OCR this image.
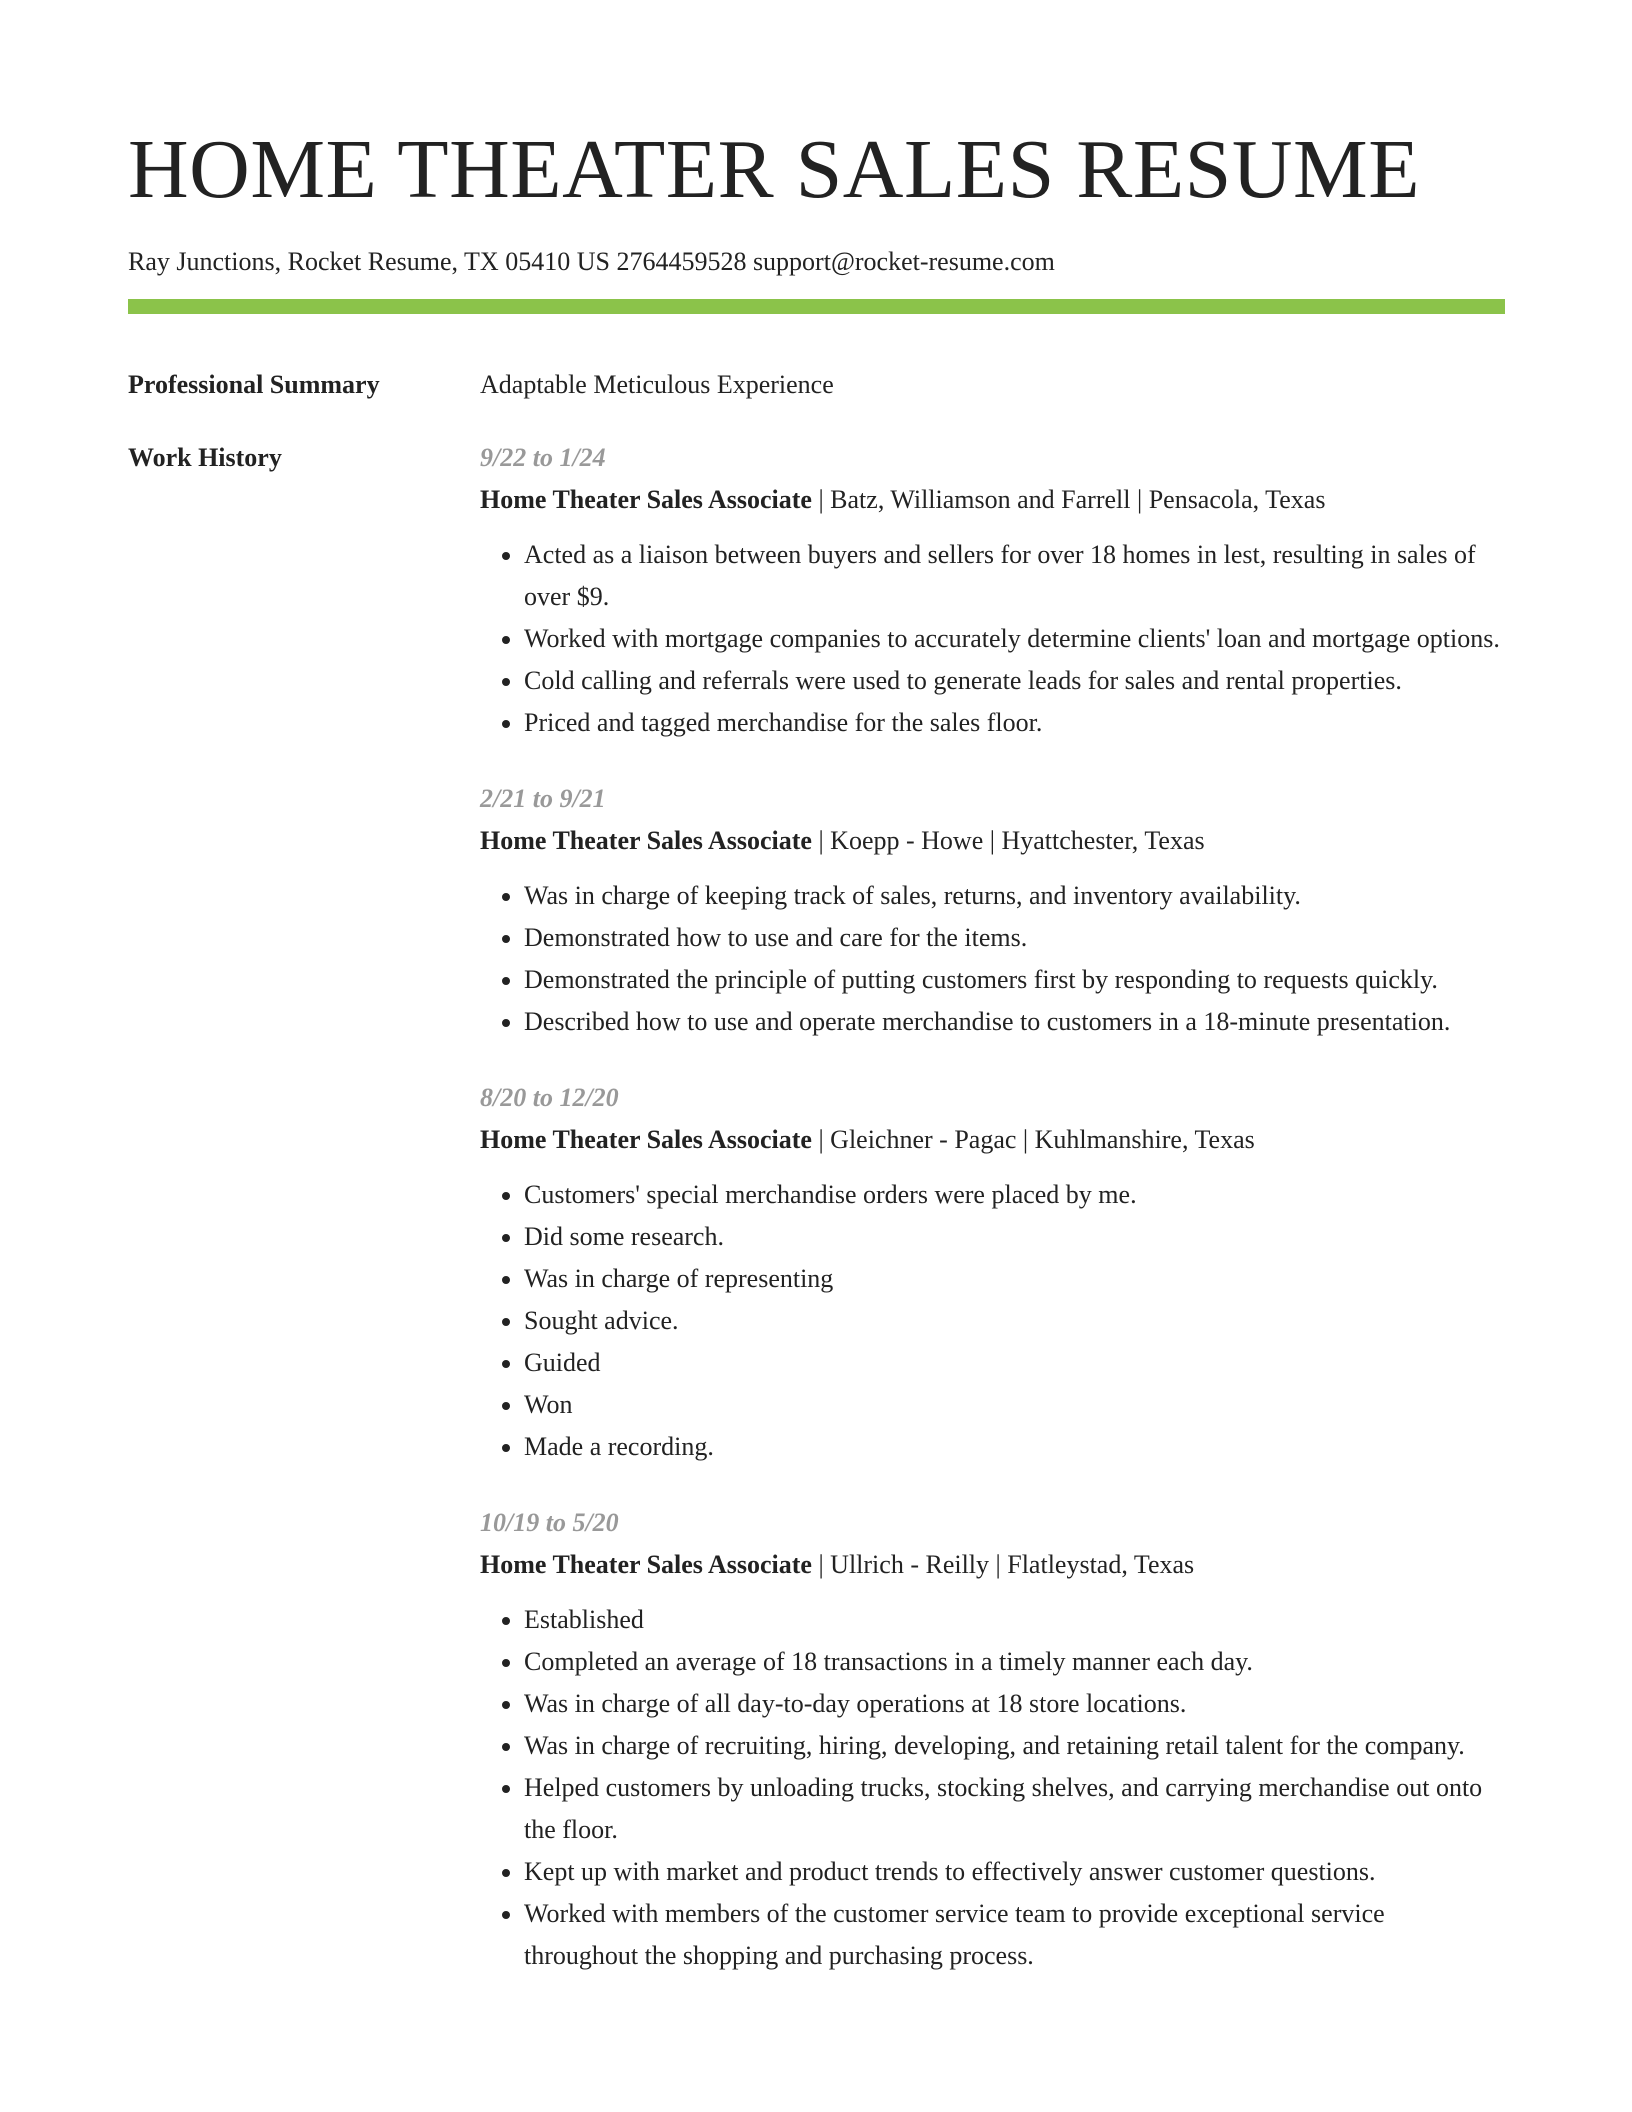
HOME THEATER SALES RESUME
Ray Junctions, Rocket Resume, TX 05410 US 2764459528 support@rocket-resume.com
Professional Summary	Adaptable Meticulous Experience
Work History	9/22 to 1/24
Home Theater Sales Associate | Batz, Williamson and Farrell | Pensacola, Texas
• Acted as a liaison between buyers and sellers for over 18 homes in lest, resulting in sales of over $9.
• Worked with mortgage companies to accurately determine clients' loan and mortgage options.
• Cold calling and referrals were used to generate leads for sales and rental properties.
• Priced and tagged merchandise for the sales floor.
2/21 to 9/21
Home Theater Sales Associate | Koepp - Howe | Hyattchester, Texas
• Was in charge of keeping track of sales, returns, and inventory availability.
• Demonstrated how to use and care for the items.
• Demonstrated the principle of putting customers first by responding to requests quickly.
• Described how to use and operate merchandise to customers in a 18-minute presentation.
8/20 to 12/20
Home Theater Sales Associate | Gleichner - Pagac | Kuhlmanshire, Texas
• Customers' special merchandise orders were placed by me.
• Did some research.
• Was in charge of representing
• Sought advice.
• Guided
• Won
• Made a recording.
10/19 to 5/20
Home Theater Sales Associate | Ullrich - Reilly | Flatleystad, Texas
• Established
• Completed an average of 18 transactions in a timely manner each day.
• Was in charge of all day-to-day operations at 18 store locations.
• Was in charge of recruiting, hiring, developing, and retaining retail talent for the company.
• Helped customers by unloading trucks, stocking shelves, and carrying merchandise out onto the floor.
• Kept up with market and product trends to effectively answer customer questions.
• Worked with members of the customer service team to provide exceptional service throughout the shopping and purchasing process.
